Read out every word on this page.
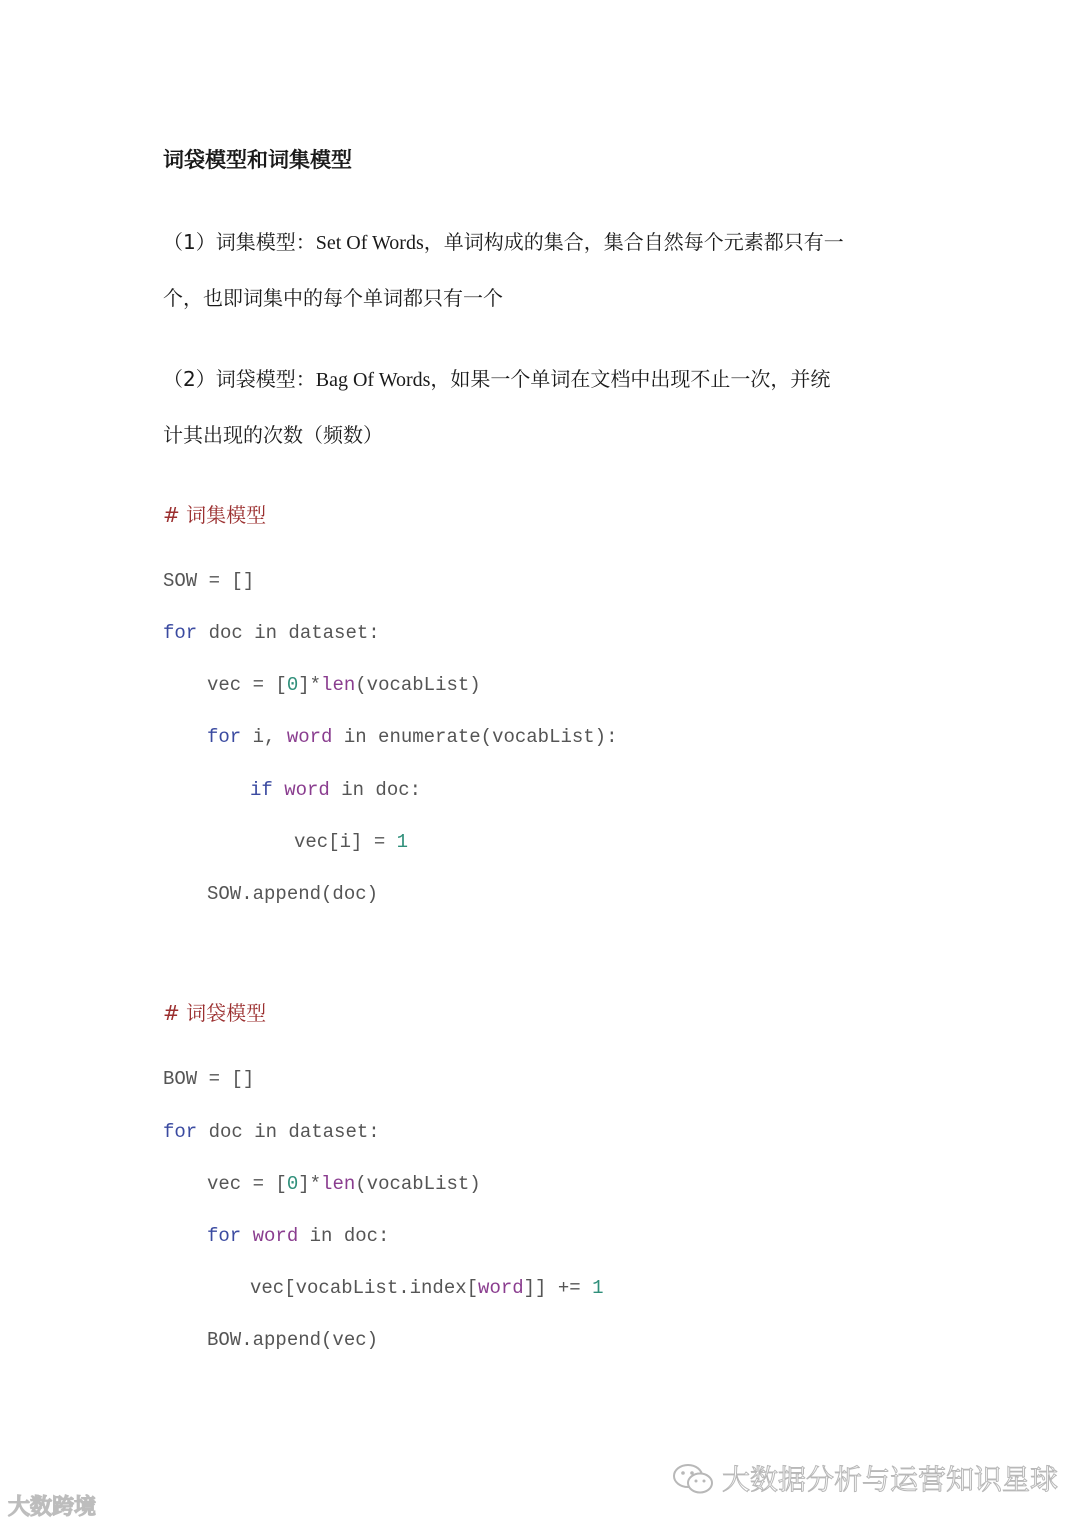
词袋模型和词集模型
（1）词集模型：Set Of Words，单词构成的集合，集合自然每个元素都只有一
个，也即词集中的每个单词都只有一个
（2）词袋模型：Bag Of Words，如果一个单词在文档中出现不止一次，并统
计其出现的次数（频数）
# 词集模型
SOW = []
for doc in dataset:
vec = [0]*len(vocabList)
for i, word in enumerate(vocabList):
if word in doc:
vec[i] = 1
SOW.append(doc)
# 词袋模型
BOW = []
for doc in dataset:
vec = [0]*len(vocabList)
for word in doc:
vec[vocabList.index[word]] += 1
BOW.append(vec)
大数跨境
大数据分析与运营知识星球
